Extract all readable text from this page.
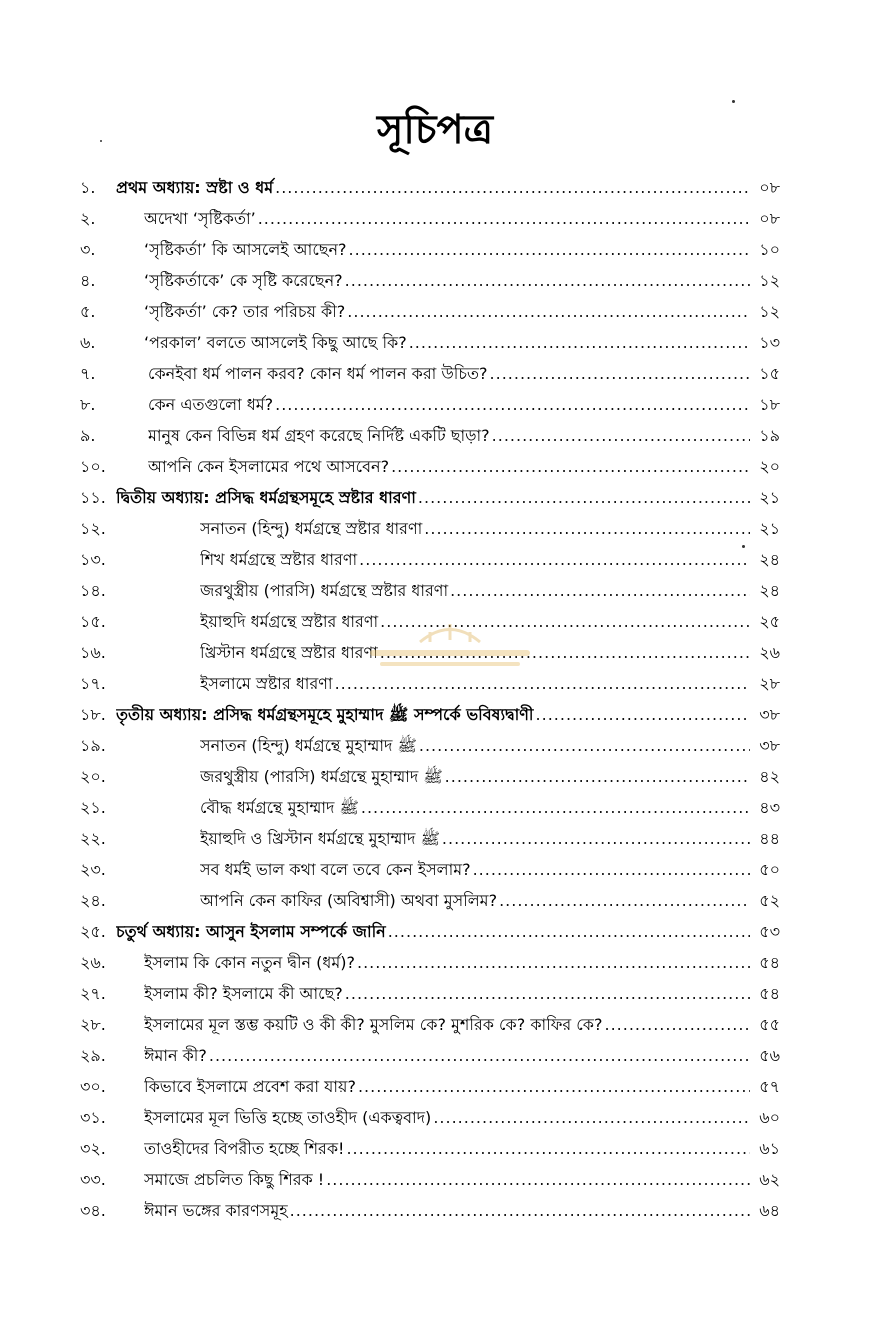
সূচিপত্র
১.	প্রথম অধ্যায়: স্রষ্টা ও ধর্ম .....	০৮
২.	অদেখা ‘সৃষ্টিকর্তা’ .....	০৮
৩.	‘সৃষ্টিকর্তা’ কি আসলেই আছেন? .....	১০
৪.	‘সৃষ্টিকর্তাকে’ কে সৃষ্টি করেছেন? .....	১২
৫.	‘সৃষ্টিকর্তা’ কে? তার পরিচয় কী? .....	১২
৬.	‘পরকাল’ বলতে আসলেই কিছু আছে কি? .....	১৩
৭.	কেনইবা ধর্ম পালন করব? কোন ধর্ম পালন করা উচিত? .....	১৫
৮.	কেন এতগুলো ধর্ম? .....	১৮
৯.	মানুষ কেন বিভিন্ন ধর্ম গ্রহণ করেছে নির্দিষ্ট একটি ছাড়া? .....	১৯
১০.	আপনি কেন ইসলামের পথে আসবেন? .....	২০
১১. দ্বিতীয় অধ্যায়: প্রসিদ্ধ ধর্মগ্রন্থসমূহে স্রষ্টার ধারণা .....	২১
১২.	সনাতন (হিন্দু) ধর্মগ্রন্থে স্রষ্টার ধারণা .....	২১
১৩.	শিখ ধর্মগ্রন্থে স্রষ্টার ধারণা .....	২৪
১৪.	জরথুস্ত্রীয় (পারসি) ধর্মগ্রন্থে স্রষ্টার ধারণা .....	২৪
১৫.	ইয়াহুদি ধর্মগ্রন্থে স্রষ্টার ধারণা .....	২৫
১৬.	খ্রিস্টান ধর্মগ্রন্থে স্রষ্টার ধারণা .....	২৬
১৭.	ইসলামে স্রষ্টার ধারণা .....	২৮
১৮. তৃতীয় অধ্যায়: প্রসিদ্ধ ধর্মগ্রন্থসমূহে মুহাম্মাদ ﷺ সম্পর্কে ভবিষ্যদ্বাণী .....	৩৮
১৯.	সনাতন (হিন্দু) ধর্মগ্রন্থে মুহাম্মাদ ﷺ .....	৩৮
২০.	জরথুস্ত্রীয় (পারসি) ধর্মগ্রন্থে মুহাম্মাদ ﷺ .....	৪২
২১.	বৌদ্ধ ধর্মগ্রন্থে মুহাম্মাদ ﷺ .....	৪৩
২২.	ইয়াহুদি ও খ্রিস্টান ধর্মগ্রন্থে মুহাম্মাদ ﷺ .....	৪৪
২৩.	সব ধর্মই ভাল কথা বলে তবে কেন ইসলাম? .....	৫০
২৪.	আপনি কেন কাফির (অবিশ্বাসী) অথবা মুসলিম? .....	৫২
২৫. চতুর্থ অধ্যায়: আসুন ইসলাম সম্পর্কে জানি .....	৫৩
২৬.	ইসলাম কি কোন নতুন দ্বীন (ধর্ম)? .....	৫৪
২৭.	ইসলাম কী? ইসলামে কী আছে? .....	৫৪
২৮.	ইসলামের মূল স্তম্ভ কয়টি ও কী কী? মুসলিম কে? মুশরিক কে? কাফির কে? .....	৫৫
২৯.	ঈমান কী? .....	৫৬
৩০.	কিভাবে ইসলামে প্রবেশ করা যায়? .....	৫৭
৩১.	ইসলামের মূল ভিত্তি হচ্ছে তাওহীদ (একত্ববাদ) .....	৬০
৩২.	তাওহীদের বিপরীত হচ্ছে শিরক! .....	৬১
৩৩.	সমাজে প্রচলিত কিছু শিরক ! .....	৬২
৩৪.	ঈমান ভঙ্গের কারণসমূহ .....	৬৪
